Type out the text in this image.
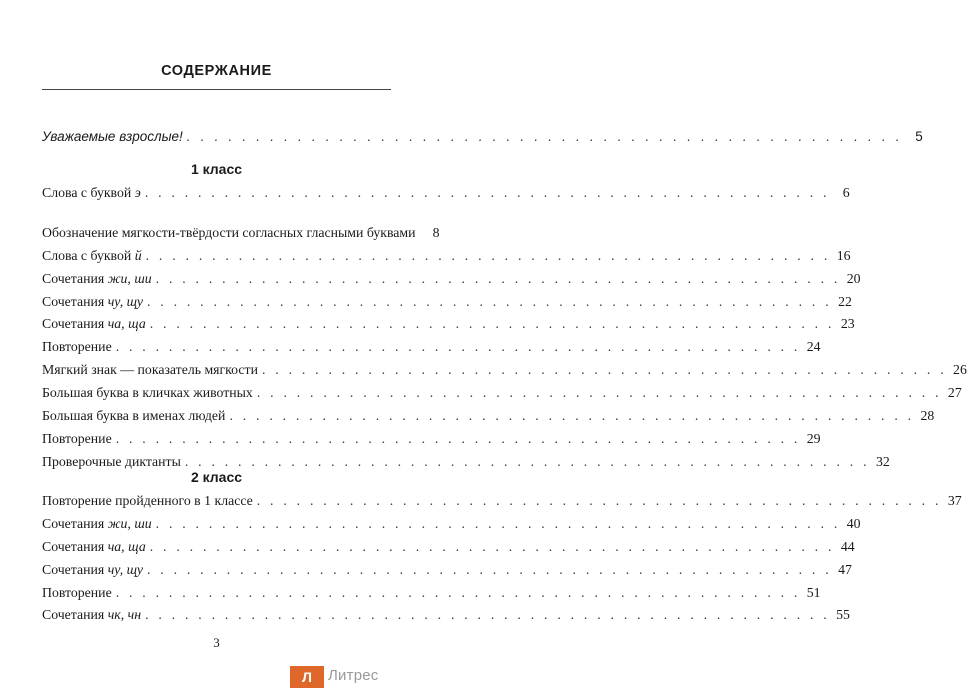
СОДЕРЖАНИЕ
Уважаемые взрослые! . . .	5
1 класс
Слова с буквой э . . .	6
Обозначение мягкости-твёрдости согласных гласными буквами	8
Слова с буквой й . . .	16
Сочетания жи, ши . . .	20
Сочетания чу, щу . . .	22
Сочетания ча, ща . . .	23
Повторение . . .	24
Мягкий знак — показатель мягкости . . .	26
Большая буква в кличках животных . . .	27
Большая буква в именах людей . . .	28
Повторение . . .	29
Проверочные диктанты . . .	32
2 класс
Повторение пройденного в 1 классе . . .	37
Сочетания жи, ши . . .	40
Сочетания ча, ща . . .	44
Сочетания чу, щу . . .	47
Повторение . . .	51
Сочетания чк, чн . . .	55
3
Л	Литрес
